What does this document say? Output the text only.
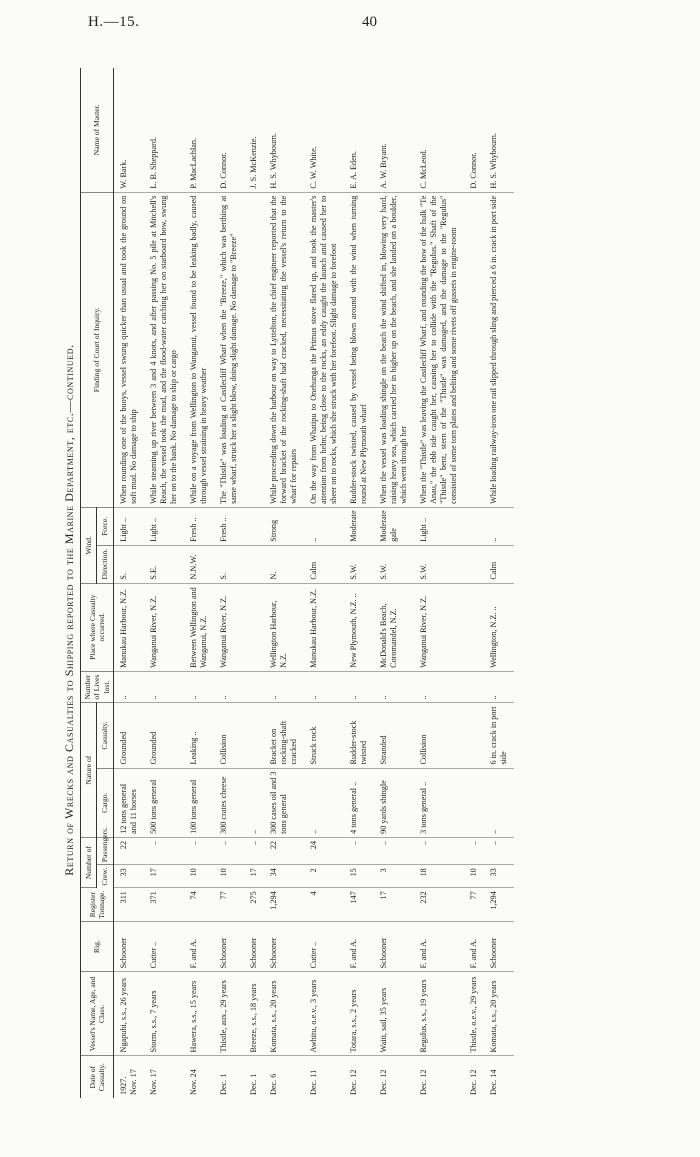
H.—15.	40
Return of Wrecks and Casualties to Shipping reported to the Marine Department, etc.—continued.
Date of Casualty.	Vessel's Name, Age, and Class.	Rig.	Register Tonnage.	Number of		Nature of		Number of Lives lost.	Place where Casualty occurred.	Wind.		Finding of Court of Inquiry.	Name of Master.
				Crew.	Passengers.	Cargo.	Casualty.			Direction.	Force.		
1927. Nov. 17	Ngapuhi, s.s., 26 years	Schooner	311	33	22	12 tons general and 11 horses	Grounded	..	Manukau Harbour, N.Z.	S.	Light ..	When rounding one of the buoys, vessel swung quicker than usual and took the ground on soft mud. No damage to ship	W. Bark.
Nov. 17	Storm, s.s., 7 years	Cutter ..	371	17	..	500 tons general	Grounded	..	Wanganui River, N.Z.	S.E.	Light ..	While steaming up river between 3 and 4 knots, and after passing No. 5 pile at Mitchell's Reach, the vessel took the mud, and the flood-water catching her on starboard bow, swung her on to the bank. No damage to ship or cargo	L. B. Sheppard.
Nov. 24	Hawera, s.s., 15 years	F. and A.	74	10	..	100 tons general	Leaking ..	..	Between Wellington and Wanganui, N.Z.	N.N.W.	Fresh ..	While on a voyage from Wellington to Wanganui, vessel found to be leaking badly, caused through vessel straining in heavy weather	P. MacLachlan.
Dec. 1	Thistle, aux., 29 years	Schooner	77	10	..	300 crates cheese	Collision	..	Wanganui River, N.Z.	S.	Fresh ..	The "Thistle" was loading at Castlecliff Wharf when the "Breeze," which was berthing at same wharf, struck her a slight blow, doing slight damage. No damage to "Breeze"	D. Connor.
Dec. 1	Breeze, s.s., 18 years	Schooner	275	17	..	..							J. S. McKenzie.
Dec. 6	Komata, s.s., 20 years	Schooner	1,294	34	22	300 cases oil and 3 tons general	Bracket on rocking-shaft cracked	..	Wellington Harbour, N.Z.	N.	Strong	While proceeding down the harbour on way to Lyttelton, the chief engineer reported that the forward bracket of the rocking-shaft had cracked, necessitating the vessel's return to the wharf for repairs	H. S. Whybourn.
Dec. 11	Awhitu, o.e.v., 3 years	Cutter ..	4	2	24	..	Struck rock	..	Manukau Harbour, N.Z.	Calm	..	On the way from Whatipu to Onehunga the Primus stove flared up, and took the master's attention from helm; being close to the rocks, an eddy caught the launch and caused her to sheer on to rocks, which she struck with her forefoot. Slight damage to forefoot	C. W. White.
Dec. 12	Totara, s.s., 2 years	F. and A.	147	15	..	4 tons general ..	Rudder-stock twisted	..	New Plymouth, N.Z. ..	S.W.	Moderate	Rudder-stock twisted, caused by vessel being blown around with the wind when turning round at New Plymouth wharf	E. A. Eden.
Dec. 12	Waiti, sail, 35 years	Schooner	17	3	..	90 yards shingle	Stranded	..	McDonald's Beach, Coromandel, N.Z.	S.W.	Moderate gale	When the vessel was loading shingle on the beach the wind shifted in, blowing very hard, raising heavy sea, which carried her in higher up on the beach, and she landed on a boulder, which went through her	A. W. Bryant.
Dec. 12	Regulus, s.s., 19 years	F. and A.	232	18	..	3 tons general ..	Collision	..	Wanganui River, N.Z.	S.W.	Light ..	When the "Thistle" was leaving the Castlecliff Wharf, and rounding the bow of the hulk "Te Anau," the ebb tide caught her, causing her to collide with the "Regulus." Shaft of the "Thistle" bent, stern of the "Thistle" was damaged, and the damage to the "Regulus" consisted of some torn plates and belting and some rivets off gussets in engine-room	C. McLeod.
Dec. 12	Thistle, o.e.v., 29 years	F. and A.	77	10	..								D. Connor.
Dec. 14	Komata, s.s., 20 years	Schooner	1,294	33	..	..	6 in. crack in port side	..	Wellington, N.Z. ..	Calm	..	While loading railway-iron one rail slipped through sling and pierced a 6 in. crack in port side	H. S. Whybourn.
